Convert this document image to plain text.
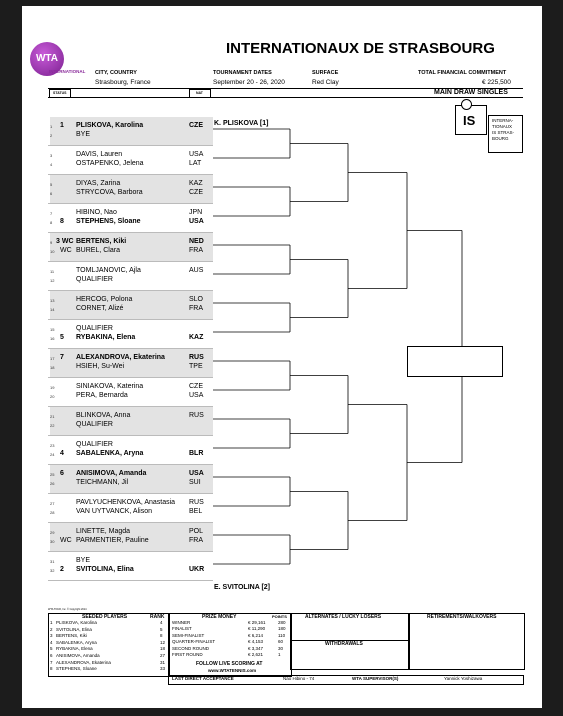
WTA
INTERNATIONAL
INTERNATIONAUX DE STRASBOURG
CITY, COUNTRY
Strasbourg, France
TOURNAMENT DATES
September 20 - 26, 2020
SURFACE
Red Clay
TOTAL FINANCIAL COMMITMENT
€ 225,500
MAIN DRAW SINGLES
STATUS	NAT
IS	INTERNA-
TIONAUX
IS STRAS-
BOURG
1 1 PLISKOVA, Karolina	CZE
2	BYE
3	DAVIS, Lauren	USA
4	OSTAPENKO, Jelena	LAT
5	DIYAS, Zarina	KAZ
6	STRYCOVA, Barbora	CZE
7	HIBINO, Nao	JPN
8 8 STEPHENS, Sloane	USA
9 3 WC BERTENS, Kiki	NED
10 WC BUREL, Clara	FRA
11	TOMLJANOVIC, Ajla	AUS
12	QUALIFIER
13	HERCOG, Polona	SLO
14	CORNET, Alizé	FRA
15	QUALIFIER
16 5 RYBAKINA, Elena	KAZ
17 7 ALEXANDROVA, Ekaterina	RUS
18	HSIEH, Su-Wei	TPE
19	SINIAKOVA, Katerina	CZE
20	PERA, Bernarda	USA
21	BLINKOVA, Anna	RUS
22	QUALIFIER
23	QUALIFIER
24 4 SABALENKA, Aryna	BLR
25 6 ANISIMOVA, Amanda	USA
26	TEICHMANN, Jil	SUI
27	PAVLYUCHENKOVA, Anastasia RUS
28	VAN UYTVANCK, Alison	BEL
29	LINETTE, Magda	POL
30 WC PARMENTIER, Pauline	FRA
31	BYE
32 2 SVITOLINA, Elina	UKR
K. PLISKOVA [1]
E. SVITOLINA [2]
SEEDED PLAYERS	RANK
1 PLISKOVA, Karolina	4
2 SVITOLINA, Elina	5
3 BERTENS, Kiki	8
4 SABALENKA, Aryna	12
5 RYBAKINA, Elena	18
6 ANISIMOVA, Amanda	27
7 ALEXANDROVA, Ekaterina	31
8 STEPHENS, Sloane	33
PRIZE MONEY	POINTS
WINNER	€ 29,161	280
FINALIST	€ 11,290	180
SEMI-FINALIST	€ 6,214	110
QUARTER-FINALIST	€ 4,153	60
SECOND ROUND	€ 3,347	30
FIRST ROUND	€ 2,621	1
FOLLOW LIVE SCORING AT
www.WTATENNIS.com
ALTERNATES / LUCKY LOSERS
WITHDRAWALS
RETIREMENTS/WALKOVERS
LAST DIRECT ACCEPTANCE	Nao Hibino - 74	WTA SUPERVISOR(S)	Yannick Yoshizawa
WTA TOUR, Inc. © Copyright 2014
